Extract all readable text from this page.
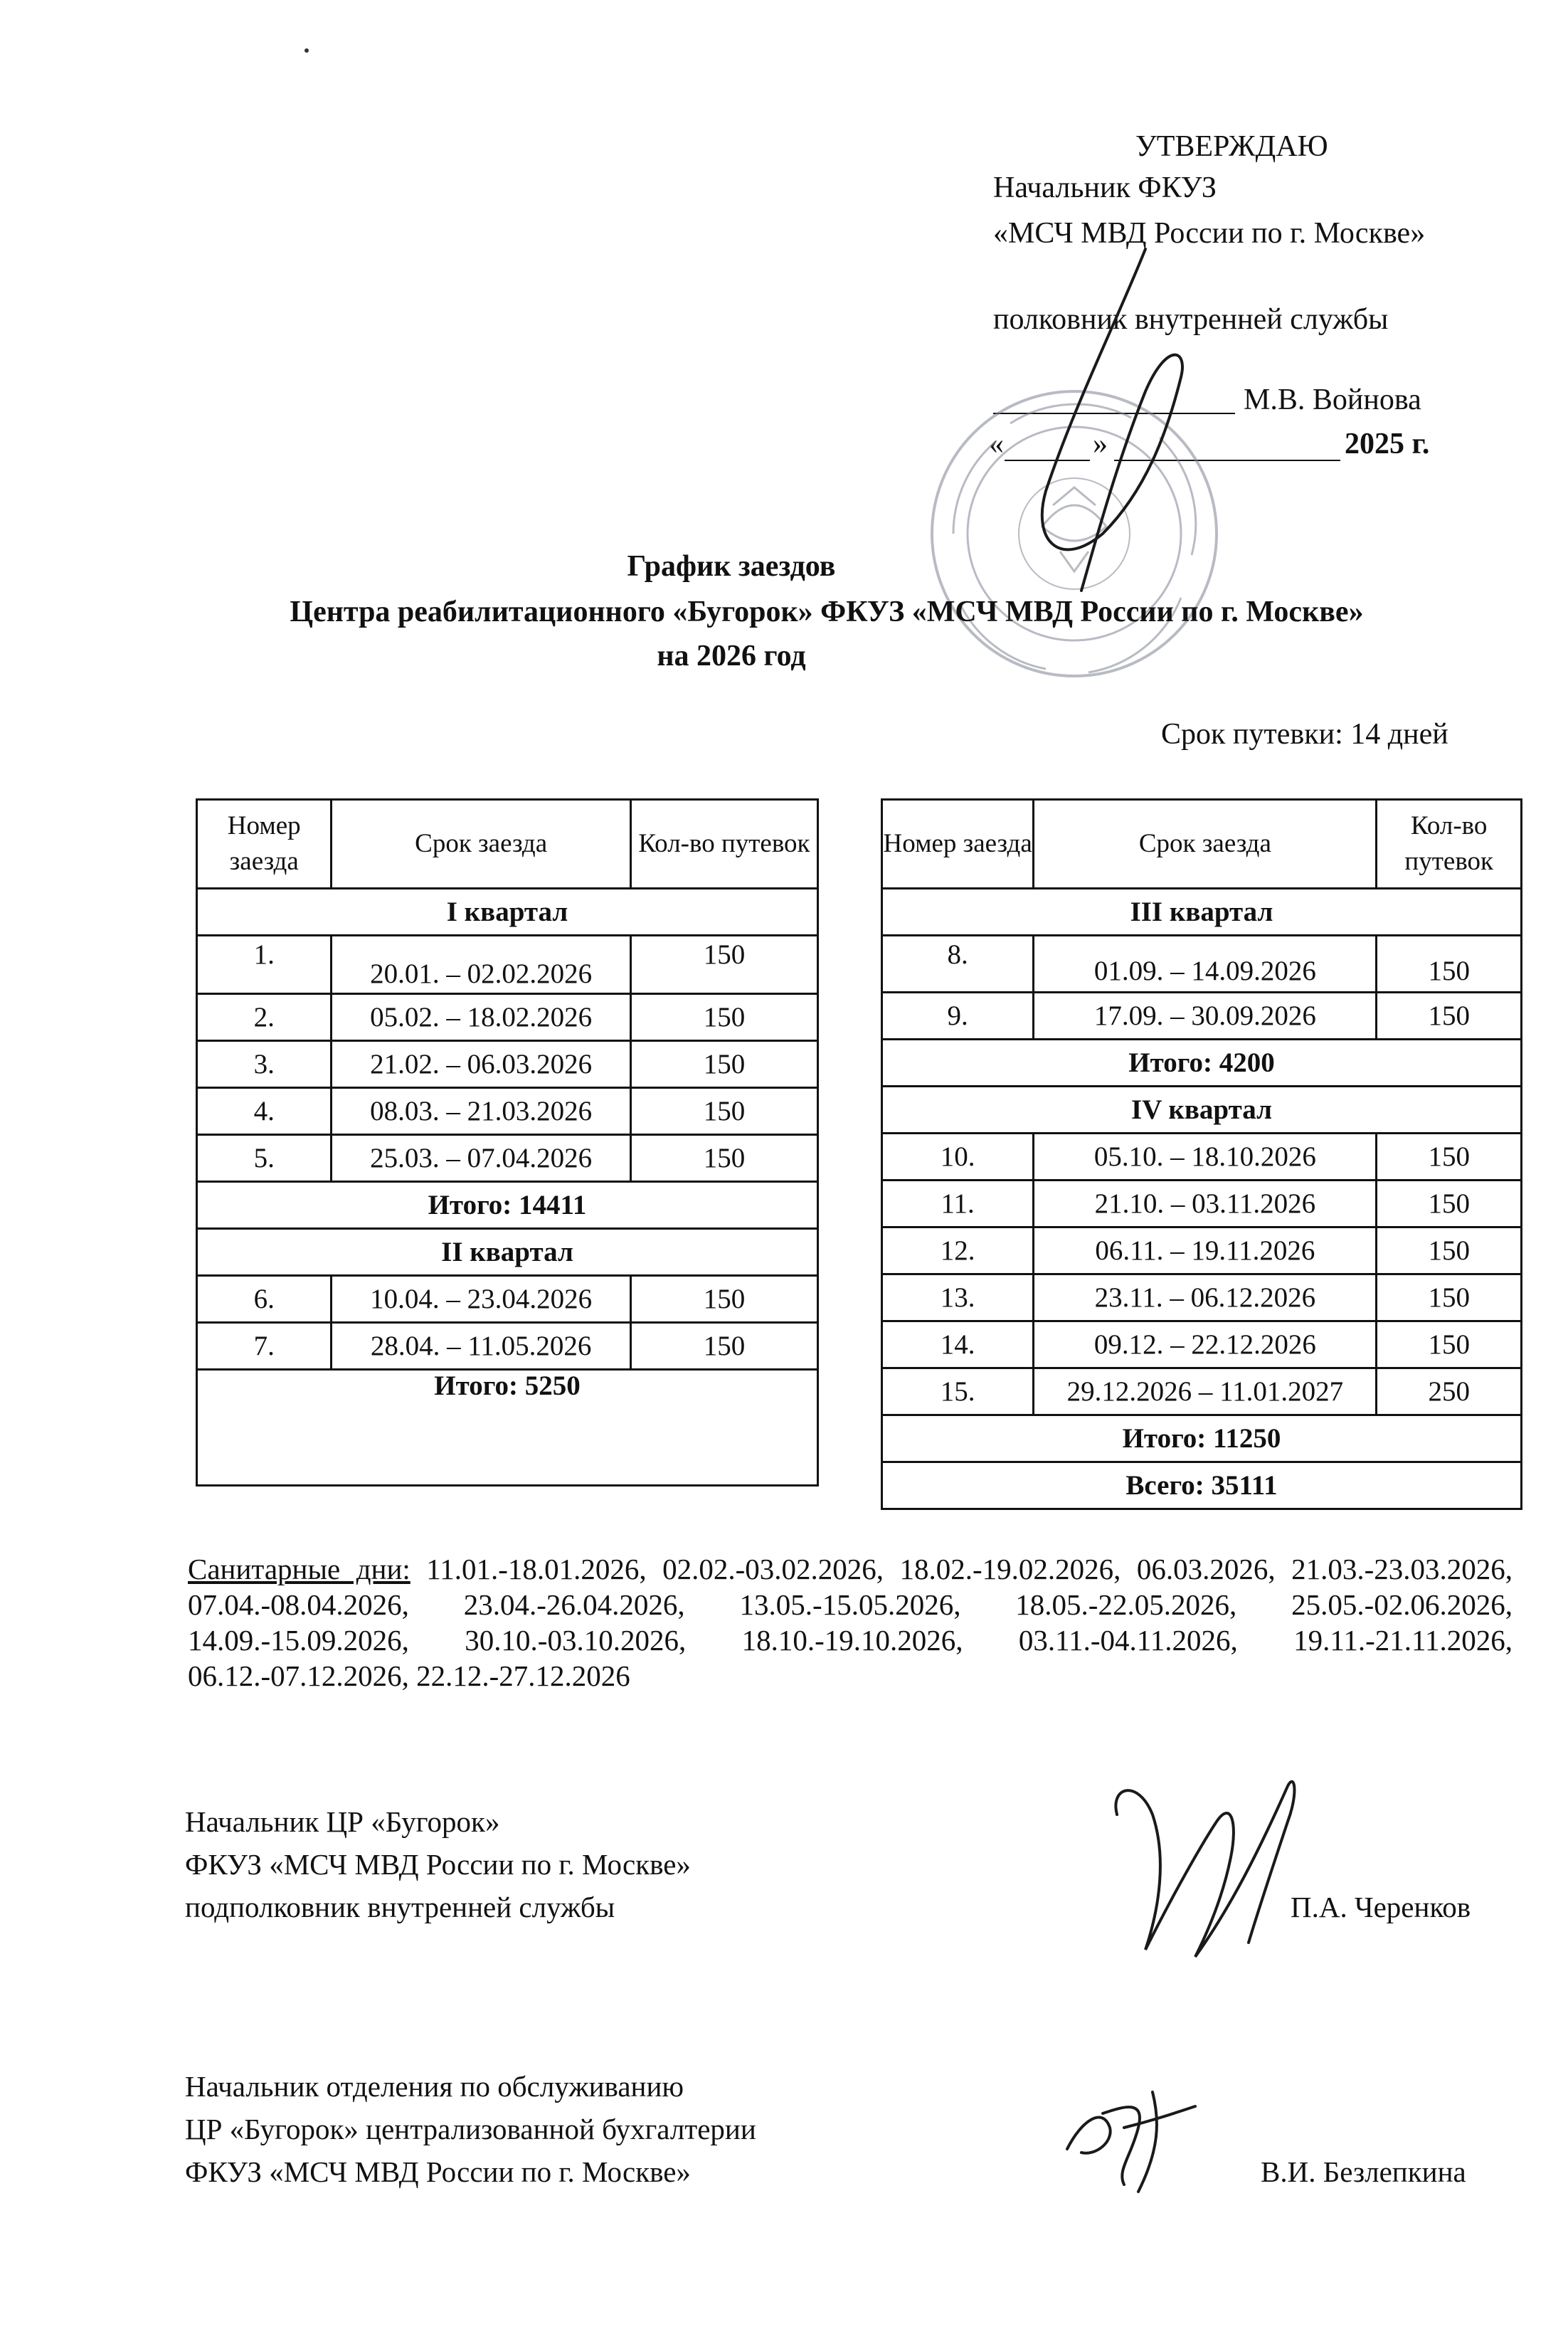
УТВЕРЖДАЮ
Начальник ФКУЗ
«МСЧ МВД России по г. Москве»
полковник внутренней службы
М.В. Войнова
«	»	2025 г.
График заездов
Центра реабилитационного «Бугорок» ФКУЗ «МСЧ МВД России по г. Москве»
на 2026 год
Срок путевки: 14 дней
Номер заезда	Срок заезда	Кол-во путевок
I квартал		
1.	20.01. – 02.02.2026	150
2.	05.02. – 18.02.2026	150
3.	21.02. – 06.03.2026	150
4.	08.03. – 21.03.2026	150
5.	25.03. – 07.04.2026	150
Итого: 14411		
II квартал		
6.	10.04. – 23.04.2026	150
7.	28.04. – 11.05.2026	150
Итого: 5250		
Номер заезда	Срок заезда	Кол-во путевок
III квартал		
8.	01.09. – 14.09.2026	150
9.	17.09. – 30.09.2026	150
Итого: 4200		
IV квартал		
10.	05.10. – 18.10.2026	150
11.	21.10. – 03.11.2026	150
12.	06.11. – 19.11.2026	150
13.	23.11. – 06.12.2026	150
14.	09.12. – 22.12.2026	150
15.	29.12.2026 – 11.01.2027	250
Итого: 11250		
Всего: 35111		
Санитарные дни: 11.01.-18.01.2026, 02.02.-03.02.2026, 18.02.-19.02.2026, 06.03.2026, 21.03.-23.03.2026, 07.04.-08.04.2026, 23.04.-26.04.2026, 13.05.-15.05.2026, 18.05.-22.05.2026, 25.05.-02.06.2026, 14.09.-15.09.2026, 30.10.-03.10.2026, 18.10.-19.10.2026, 03.11.-04.11.2026, 19.11.-21.11.2026, 06.12.-07.12.2026, 22.12.-27.12.2026
Начальник ЦР «Бугорок»
ФКУЗ «МСЧ МВД России по г. Москве»
подполковник внутренней службы	П.А. Черенков
Начальник отделения по обслуживанию
ЦР «Бугорок» централизованной бухгалтерии
ФКУЗ «МСЧ МВД России по г. Москве»	В.И. Безлепкина
